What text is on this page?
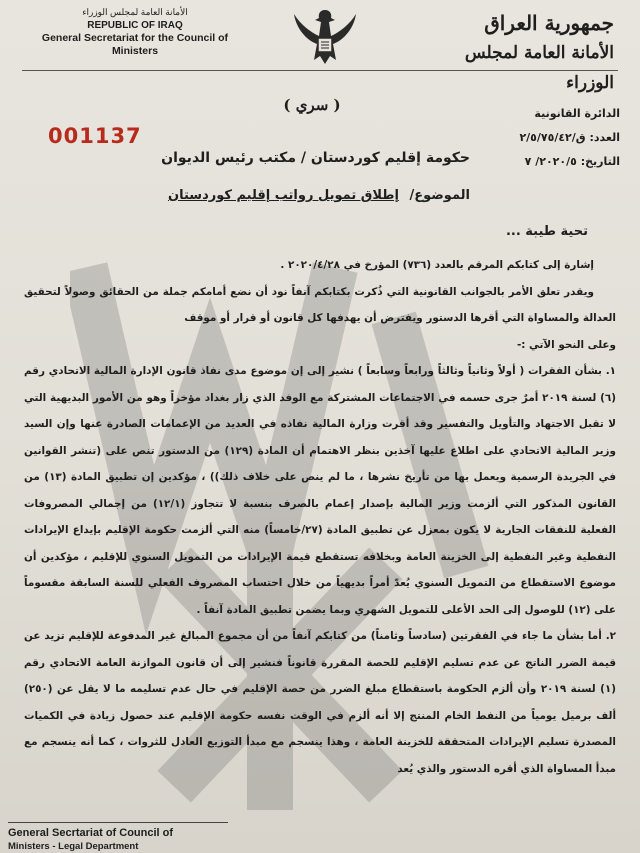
الأمانة العامة لمجلس الوزراء
REPUBLIC OF IRAQ
General Secretariat for the Council of Ministers
جمهورية العراق
الأمانة العامة لمجلس الوزراء
( سري )
001137
الدائرة القانونية
العدد: ق/٢/٥/٧٥/٤٢
التاريخ: ٢٠٢٠/٥/ ٧
حكومة إقليم كوردستان / مكتب رئيس الديوان
الموضوع/ إطلاق تمويل رواتب إقليم كوردستان
تحية طيبة ...

إشارة إلى كتابكم المرقم بالعدد (٧٣٦) المؤرخ في ٢٠٢٠/٤/٢٨ .

ويقدر تعلق الأمر بالجوانب القانونية التي ذُكرت بكتابكم آنفاً نود أن نضع أمامكم جملة من الحقائق وصولاً لتحقيق العدالة والمساواة التي أقرها الدستور ويفترض أن يهدفها كل قانون أو قرار أو موقف

وعلى النحو الآتي :-

١. بشأن الفقرات ( أولاً وثانياً وثالثاً ورابعاً وسابعاً ) نشير إلى إن موضوع مدى نفاذ قانون الإدارة المالية الاتحادي رقم (٦) لسنة ٢٠١٩ أمرٌ جرى حسمه في الاجتماعات المشتركة مع الوفد الذي زار بغداد مؤخراً وهو من الأمور البديهية التي لا تقبل الاجتهاد والتأويل والتفسير وقد أقرت وزارة المالية نفاذه في العديد من الإعمامات الصادرة عنها وإن السيد وزير المالية الاتحادي على اطلاع عليها آخذين بنظر الاهتمام أن المادة (١٢٩) من الدستور تنص على (تنشر القوانين في الجريدة الرسمية ويعمل بها من تأريخ نشرها ، ما لم ينص على خلاف ذلك)) ، مؤكدين إن تطبيق المادة (١٣) من القانون المذكور التي ألزمت وزير المالية بإصدار إعمام بالصرف بنسبة لا تتجاوز (١٢/١) من إجمالي المصروفات الفعلية للنفقات الجارية لا يكون بمعزل عن تطبيق المادة (٢٧/خامساً) منه التي ألزمت حكومة الإقليم بإيداع الإيرادات النفطية وغير النفطية إلى الخزينة العامة وبخلافه تستقطع قيمة الإيرادات من التمويل السنوي للإقليم ، مؤكدين أن موضوع الاستقطاع من التمويل السنوي يُعدّ أمراً بديهياً من خلال احتساب المصروف الفعلي للسنة السابقة مقسوماً على (١٢) للوصول إلى الحد الأعلى للتمويل الشهري وبما يضمن تطبيق المادة آنفاً .

٢. أما بشأن ما جاء في الفقرتين (سادساً وثامناً) من كتابكم آنفاً من أن مجموع المبالغ غير المدفوعة للإقليم تزيد عن قيمة الضرر الناتج عن عدم تسليم الإقليم للحصة المقررة قانوناً فنشير إلى أن قانون الموازنة العامة الاتحادي رقم (١) لسنة ٢٠١٩ وأن ألزم الحكومة باستقطاع مبلغ الضرر من حصة الإقليم في حال عدم تسليمه ما لا يقل عن (٢٥٠) ألف برميل يومياً من النفط الخام المنتج إلا أنه ألزم في الوقت نفسه حكومة الإقليم عند حصول زيادة في الكميات المصدرة تسليم الإيرادات المتحققة للخزينة العامة ، وهذا ينسجم مع مبدأ التوزيع العادل للثروات ، كما أنه ينسجم مع مبدأ المساواة الذي أقره الدستور والذي يُعد

General Secrtariat of Council of
Ministers - Legal Department
